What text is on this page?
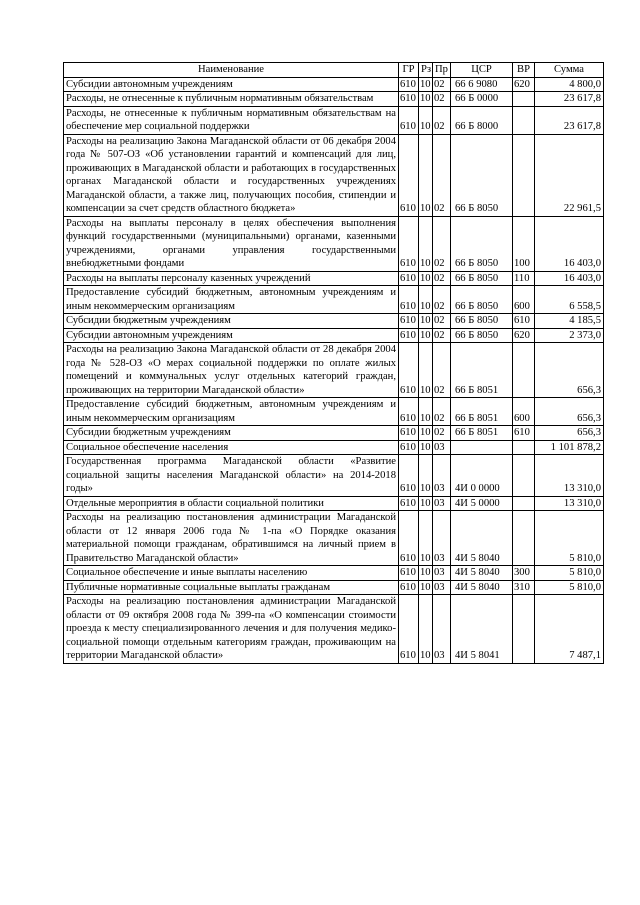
Наименование	ГР	Рз	Пр	ЦСР	ВР	Сумма
Субсидии автономным учреждениям	610	10	02	66 6 9080	620	4 800,0
Расходы, не отнесенные к публичным нормативным обязательствам	610	10	02	66 Б 0000		23 617,8
Расходы, не отнесенные к публичным нормативным обязательствам на обеспечение мер социальной поддержки	610	10	02	66 Б 8000		23 617,8
Расходы на реализацию Закона Магаданской области от 06 декабря 2004 года № 507-ОЗ «Об установлении гарантий и компенсаций для лиц, проживающих в Магаданской области и работающих в государственных органах Магаданской области и государственных учреждениях Магаданской области, а также лиц, получающих пособия, стипендии и компенсации за счет средств областного бюджета»	610	10	02	66 Б 8050		22 961,5
Расходы на выплаты персоналу в целях обеспечения выполнения функций государственными (муниципальными) органами, казенными учреждениями, органами управления государственными внебюджетными фондами	610	10	02	66 Б 8050	100	16 403,0
Расходы на выплаты персоналу казенных учреждений	610	10	02	66 Б 8050	110	16 403,0
Предоставление субсидий бюджетным, автономным учреждениям и иным некоммерческим организациям	610	10	02	66 Б 8050	600	6 558,5
Субсидии бюджетным учреждениям	610	10	02	66 Б 8050	610	4 185,5
Субсидии автономным учреждениям	610	10	02	66 Б 8050	620	2 373,0
Расходы на реализацию Закона Магаданской области от 28 декабря 2004 года № 528-ОЗ «О мерах социальной поддержки по оплате жилых помещений и коммунальных услуг отдельных категорий граждан, проживающих на территории Магаданской области»	610	10	02	66 Б 8051		656,3
Предоставление субсидий бюджетным, автономным учреждениям и иным некоммерческим организациям	610	10	02	66 Б 8051	600	656,3
Субсидии бюджетным учреждениям	610	10	02	66 Б 8051	610	656,3
Социальное обеспечение населения	610	10	03			1 101 878,2
Государственная программа Магаданской области «Развитие социальной защиты населения Магаданской области» на 2014-2018 годы»	610	10	03	4И 0 0000		13 310,0
Отдельные мероприятия в области социальной политики	610	10	03	4И 5 0000		13 310,0
Расходы на реализацию постановления администрации Магаданской области от 12 января 2006 года № 1-па «О Порядке оказания материальной помощи гражданам, обратившимся на личный прием в Правительство Магаданской области»	610	10	03	4И 5 8040		5 810,0
Социальное обеспечение и иные выплаты населению	610	10	03	4И 5 8040	300	5 810,0
Публичные нормативные социальные выплаты гражданам	610	10	03	4И 5 8040	310	5 810,0
Расходы на реализацию постановления администрации Магаданской области от 09 октября 2008 года № 399-па «О компенсации стоимости проезда к месту специализированного лечения и для получения медико-социальной помощи отдельным категориям граждан, проживающим на территории Магаданской области»	610	10	03	4И 5 8041		7 487,1
